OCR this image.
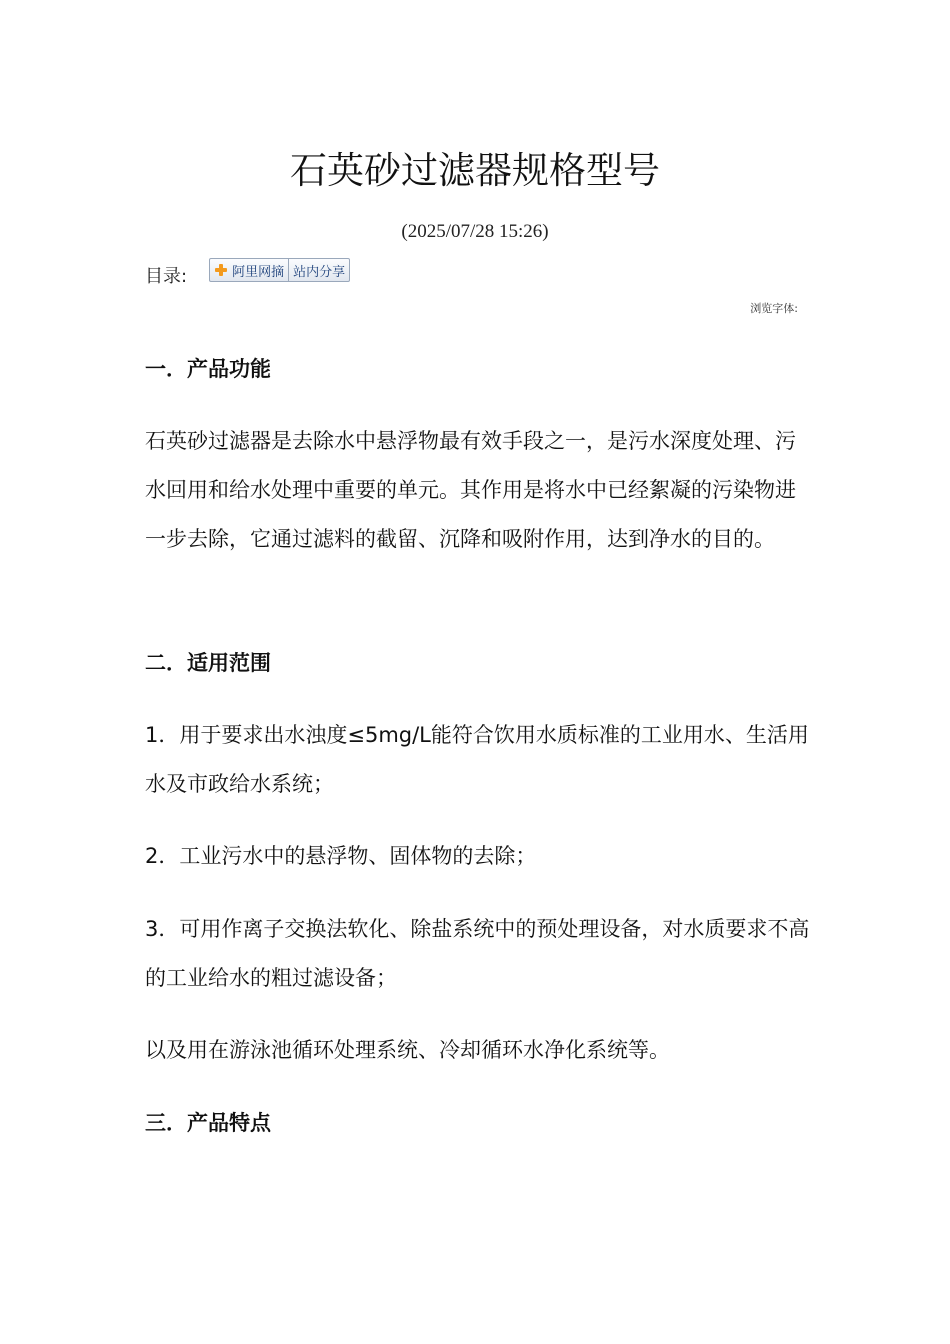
石英砂过滤器规格型号
(2025/07/28 15:26)
目录:	阿里网摘 站内分享
浏览字体:
一．产品功能

石英砂过滤器是去除水中悬浮物最有效手段之一，是污水深度处理、污水回用和给水处理中重要的单元。其作用是将水中已经絮凝的污染物进一步去除，它通过滤料的截留、沉降和吸附作用，达到净水的目的。

二．适用范围

1．用于要求出水浊度≤5mg/L能符合饮用水质标准的工业用水、生活用水及市政给水系统；

2．工业污水中的悬浮物、固体物的去除；

3．可用作离子交换法软化、除盐系统中的预处理设备，对水质要求不高的工业给水的粗过滤设备；

以及用在游泳池循环处理系统、冷却循环水净化系统等。

三．产品特点
